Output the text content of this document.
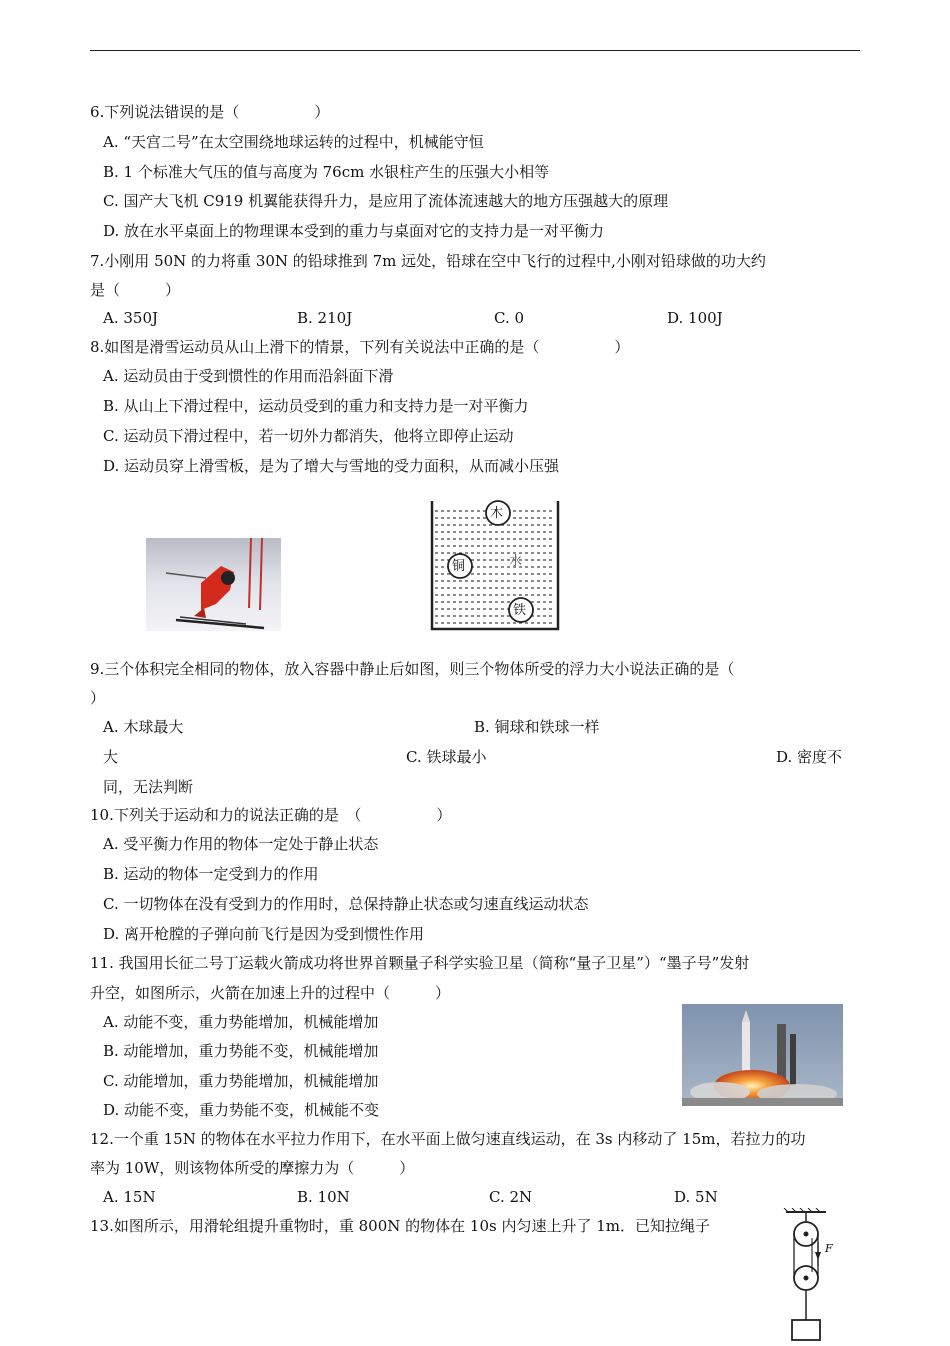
6.下列说法错误的是（　　　　　）
A. “天宫二号”在太空围绕地球运转的过程中，机械能守恒
B. 1 个标准大气压的值与高度为 76cm 水银柱产生的压强大小相等
C. 国产大飞机 C919 机翼能获得升力，是应用了流体流速越大的地方压强越大的原理
D. 放在水平桌面上的物理课本受到的重力与桌面对它的支持力是一对平衡力
7.小刚用 50N 的力将重 30N 的铅球推到 7m 远处，铅球在空中飞行的过程中,小刚对铅球做的功大约
是（　　　）
A. 350J	B. 210J	C. 0	D. 100J
8.如图是滑雪运动员从山上滑下的情景，下列有关说法中正确的是（　　　　　）
A. 运动员由于受到惯性的作用而沿斜面下滑
B. 从山上下滑过程中，运动员受到的重力和支持力是一对平衡力
C. 运动员下滑过程中，若一切外力都消失，他将立即停止运动
D. 运动员穿上滑雪板，是为了增大与雪地的受力面积，从而减小压强
木
铜	水
铁
9.三个体积完全相同的物体，放入容器中静止后如图，则三个物体所受的浮力大小说法正确的是（
）
A. 木球最大	B. 铜球和铁球一样
大	C. 铁球最小	D. 密度不
同，无法判断
10.下列关于运动和力的说法正确的是　（　　　　　）
A. 受平衡力作用的物体一定处于静止状态
B. 运动的物体一定受到力的作用
C. 一切物体在没有受到力的作用时，总保持静止状态或匀速直线运动状态
D. 离开枪膛的子弹向前飞行是因为受到惯性作用
11. 我国用长征二号丁运载火箭成功将世界首颗量子科学实验卫星（简称“量子卫星”）“墨子号”发射
升空，如图所示，火箭在加速上升的过程中（　　　）
A. 动能不变，重力势能增加，机械能增加
B. 动能增加，重力势能不变，机械能增加
C. 动能增加，重力势能增加，机械能增加
D. 动能不变，重力势能不变，机械能不变
12.一个重 15N 的物体在水平拉力作用下，在水平面上做匀速直线运动，在 3s 内移动了 15m，若拉力的功
率为 10W，则该物体所受的摩擦力为（　　　）
A. 15N	B. 10N	C. 2N	D. 5N
13.如图所示，用滑轮组提升重物时，重 800N 的物体在 10s 内匀速上升了 1m．已知拉绳子
F
